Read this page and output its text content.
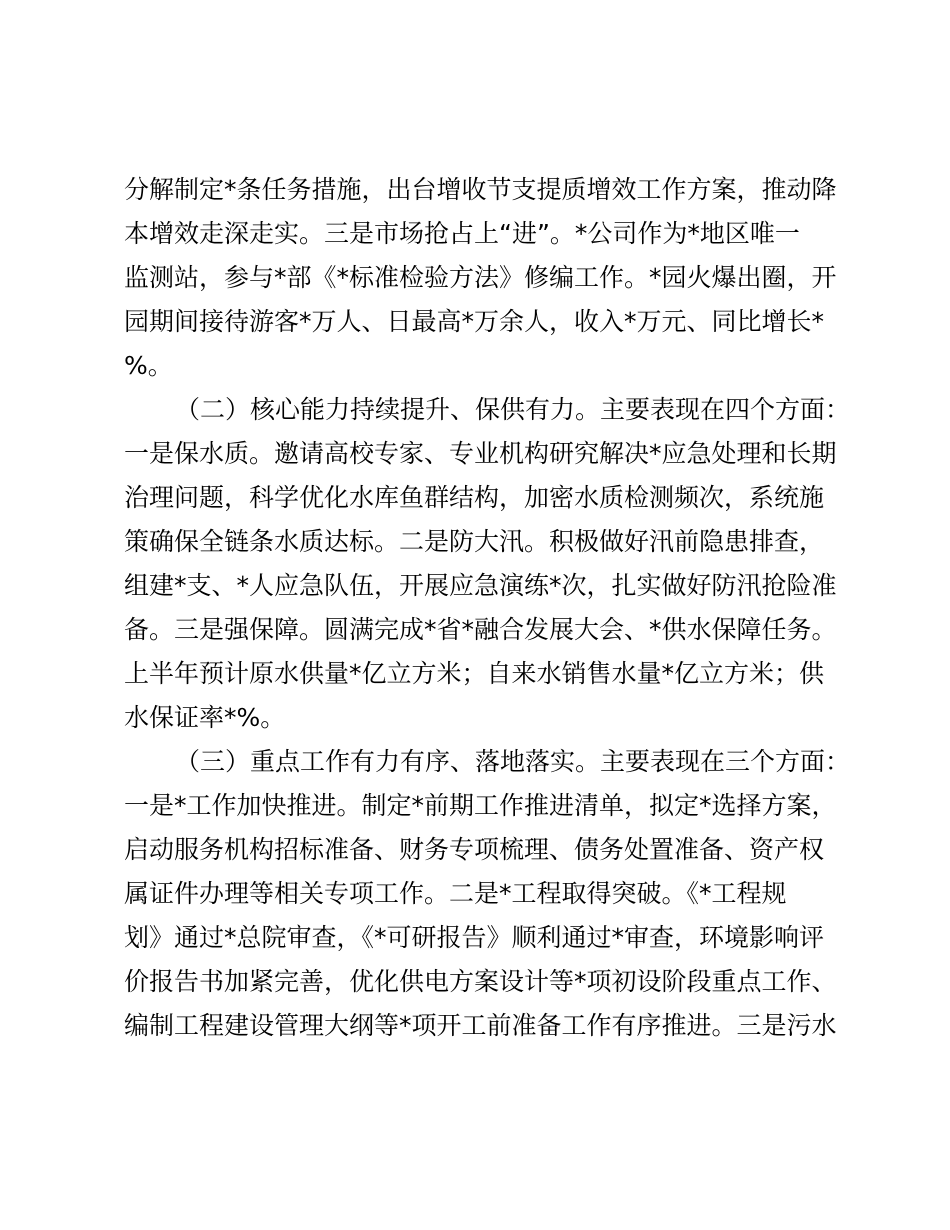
分解制定*条任务措施，出台增收节支提质增效工作方案，推动降
本增效走深走实。三是市场抢占上“进”。*公司作为*地区唯一
监测站，参与*部《*标准检验方法》修编工作。*园火爆出圈，开
园期间接待游客*万人、日最高*万余人，收入*万元、同比增长*
%。
（二）核心能力持续提升、保供有力。主要表现在四个方面：
一是保水质。邀请高校专家、专业机构研究解决*应急处理和长期
治理问题，科学优化水库鱼群结构，加密水质检测频次，系统施
策确保全链条水质达标。二是防大汛。积极做好汛前隐患排查，
组建*支、*人应急队伍，开展应急演练*次，扎实做好防汛抢险准
备。三是强保障。圆满完成*省*融合发展大会、*供水保障任务。
上半年预计原水供量*亿立方米；自来水销售水量*亿立方米；供
水保证率*%。
（三）重点工作有力有序、落地落实。主要表现在三个方面：
一是*工作加快推进。制定*前期工作推进清单，拟定*选择方案，
启动服务机构招标准备、财务专项梳理、债务处置准备、资产权
属证件办理等相关专项工作。二是*工程取得突破。《*工程规
划》通过*总院审查，《*可研报告》顺利通过*审查，环境影响评
价报告书加紧完善，优化供电方案设计等*项初设阶段重点工作、
编制工程建设管理大纲等*项开工前准备工作有序推进。三是污水
